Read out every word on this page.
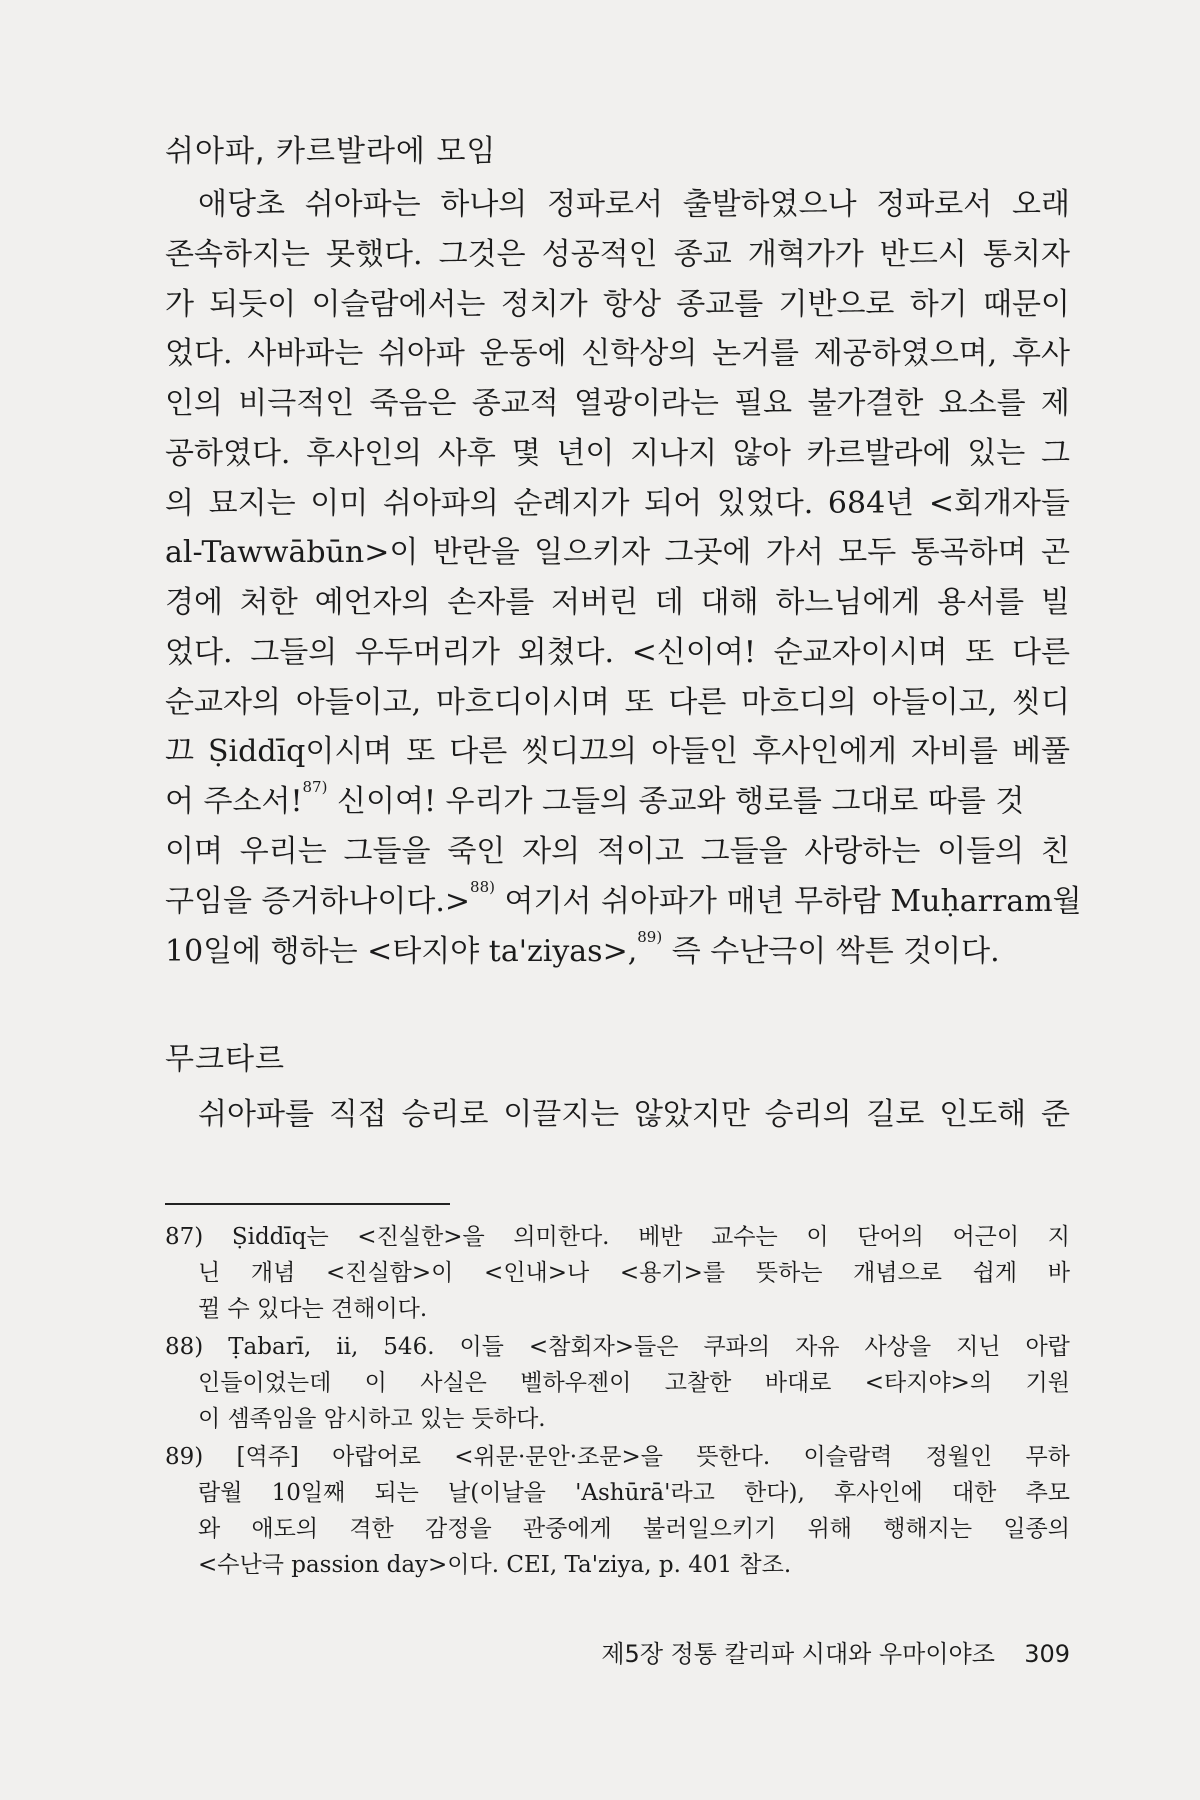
쉬아파, 카르발라에 모임
애당초 쉬아파는 하나의 정파로서 출발하였으나 정파로서 오래
존속하지는 못했다. 그것은 성공적인 종교 개혁가가 반드시 통치자
가 되듯이 이슬람에서는 정치가 항상 종교를 기반으로 하기 때문이
었다. 사바파는 쉬아파 운동에 신학상의 논거를 제공하였으며, 후사
인의 비극적인 죽음은 종교적 열광이라는 필요 불가결한 요소를 제
공하였다. 후사인의 사후 몇 년이 지나지 않아 카르발라에 있는 그
의 묘지는 이미 쉬아파의 순례지가 되어 있었다. 684년 <회개자들
al-Tawwābūn>이 반란을 일으키자 그곳에 가서 모두 통곡하며 곤
경에 처한 예언자의 손자를 저버린 데 대해 하느님에게 용서를 빌
었다. 그들의 우두머리가 외쳤다. <신이여! 순교자이시며 또 다른
순교자의 아들이고, 마흐디이시며 또 다른 마흐디의 아들이고, 씻디
끄 Ṣiddīq이시며 또 다른 씻디끄의 아들인 후사인에게 자비를 베풀
어 주소서! 87) 신이여! 우리가 그들의 종교와 행로를 그대로 따를 것
이며 우리는 그들을 죽인 자의 적이고 그들을 사랑하는 이들의 친
구임을 증거하나이다.> 88) 여기서 쉬아파가 매년 무하람 Muḥarram월
10일에 행하는 <타지야 ta'ziyas>, 89) 즉 수난극이 싹튼 것이다.
무크타르
쉬아파를 직접 승리로 이끌지는 않았지만 승리의 길로 인도해 준
87) Ṣiddīq는 <진실한>을 의미한다. 베반 교수는 이 단어의 어근이 지
닌 개념 <진실함>이 <인내>나 <용기>를 뜻하는 개념으로 쉽게 바
뀔 수 있다는 견해이다.
88) Ṭabarī, ii, 546. 이들 <참회자>들은 쿠파의 자유 사상을 지닌 아랍
인들이었는데 이 사실은 벨하우젠이 고찰한 바대로 <타지야>의 기원
이 셈족임을 암시하고 있는 듯하다.
89) [역주] 아랍어로 <위문·문안·조문>을 뜻한다. 이슬람력 정월인 무하
람월 10일째 되는 날(이날을 'Ashūrā'라고 한다), 후사인에 대한 추모
와 애도의 격한 감정을 관중에게 불러일으키기 위해 행해지는 일종의
<수난극 passion day>이다. CEI, Ta'ziya, p. 401 참조.
제5장 정통 칼리파 시대와 우마이야조 309
